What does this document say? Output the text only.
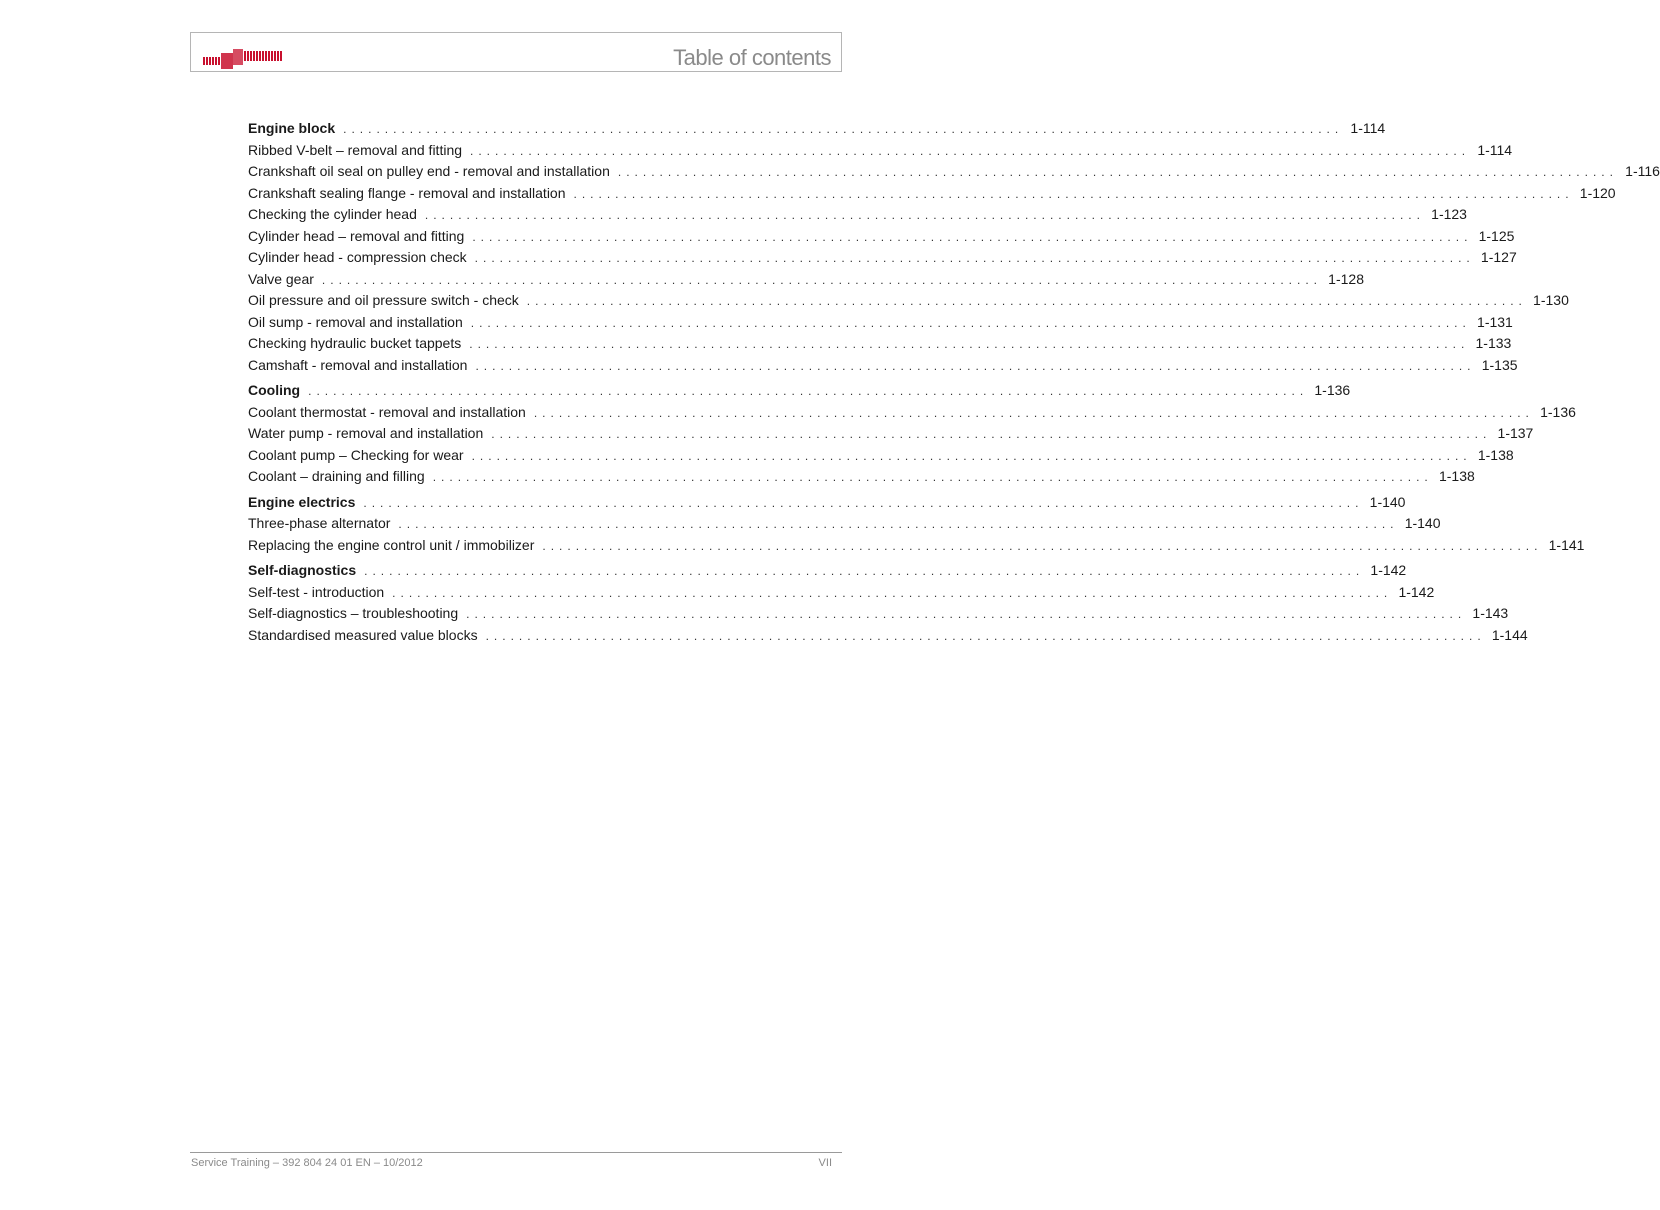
Table of contents
Engine block ........................................................................................................................ 1-114
Ribbed V-belt – removal and fitting ........................................................................................................................ 1-114
Crankshaft oil seal on pulley end - removal and installation ........................................................................................................................ 1-116
Crankshaft sealing flange - removal and installation ........................................................................................................................ 1-120
Checking the cylinder head ........................................................................................................................ 1-123
Cylinder head – removal and fitting ........................................................................................................................ 1-125
Cylinder head - compression check ........................................................................................................................ 1-127
Valve gear ........................................................................................................................ 1-128
Oil pressure and oil pressure switch - check ........................................................................................................................ 1-130
Oil sump - removal and installation ........................................................................................................................ 1-131
Checking hydraulic bucket tappets ........................................................................................................................ 1-133
Camshaft - removal and installation ........................................................................................................................ 1-135
Cooling ........................................................................................................................ 1-136
Coolant thermostat - removal and installation ........................................................................................................................ 1-136
Water pump - removal and installation ........................................................................................................................ 1-137
Coolant pump – Checking for wear ........................................................................................................................ 1-138
Coolant – draining and filling ........................................................................................................................ 1-138
Engine electrics ........................................................................................................................ 1-140
Three-phase alternator ........................................................................................................................ 1-140
Replacing the engine control unit / immobilizer ........................................................................................................................ 1-141
Self-diagnostics ........................................................................................................................ 1-142
Self-test - introduction ........................................................................................................................ 1-142
Self-diagnostics – troubleshooting ........................................................................................................................ 1-143
Standardised measured value blocks ........................................................................................................................ 1-144
Service Training – 392 804 24 01 EN – 10/2012	VII
